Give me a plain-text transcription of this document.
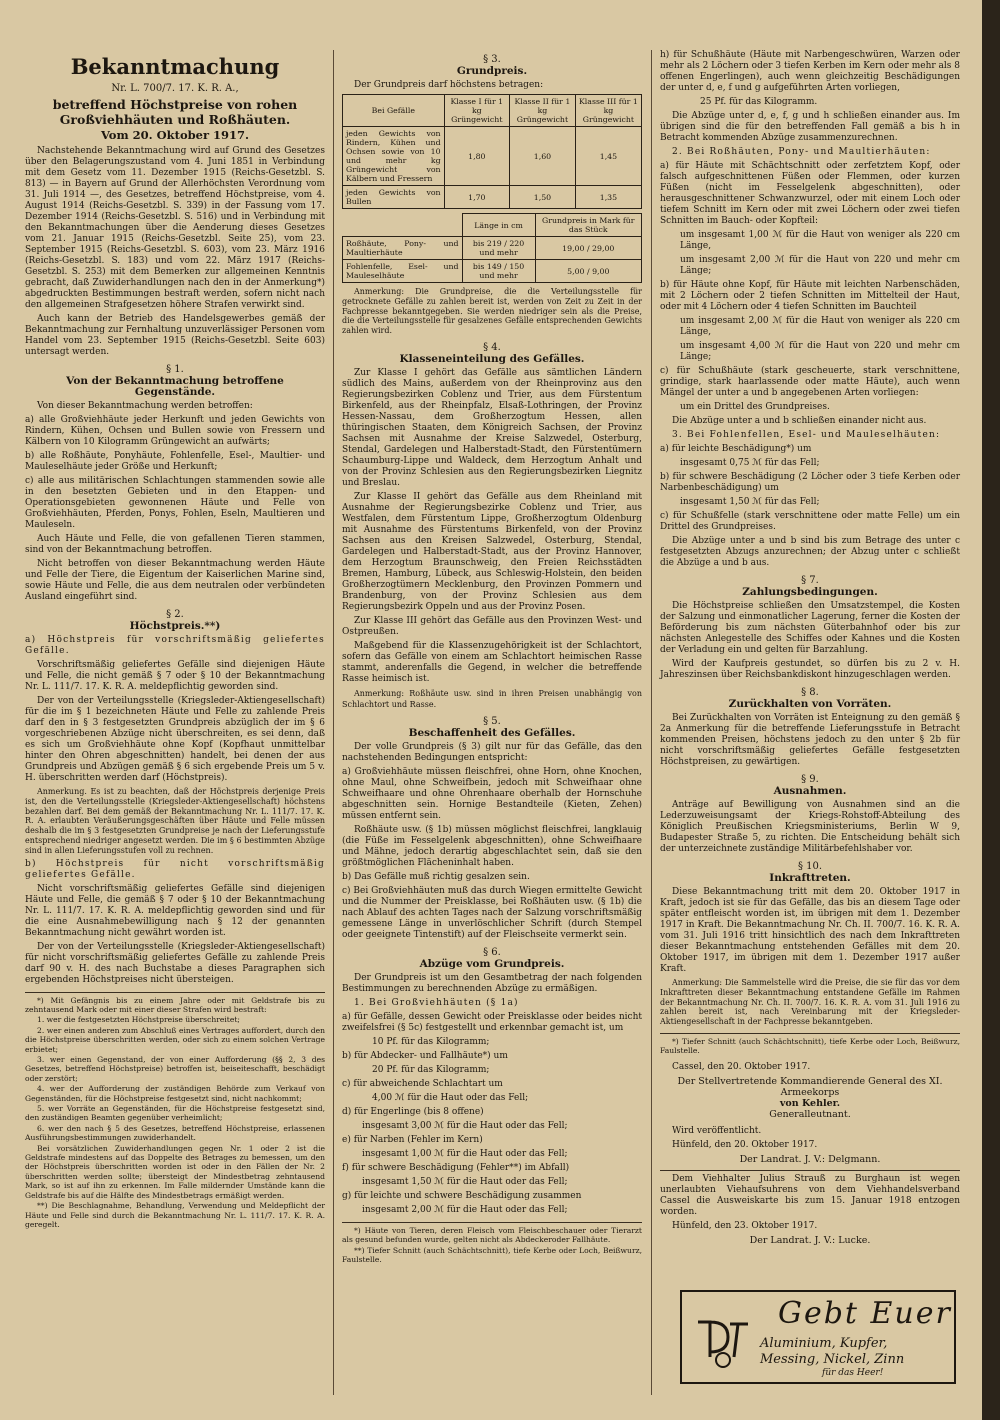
Bekanntmachung
Nr. L. 700/7. 17. K. R. A.,
betreffend Höchstpreise von rohen Großviehhäuten und Roßhäuten.
Vom 20. Oktober 1917.

Nachstehende Bekanntmachung wird auf Grund des Gesetzes über den Belagerungszustand vom 4. Juni 1851 in Verbindung mit dem Gesetz vom 11. Dezember 1915 (Reichs-Gesetzbl. S. 813) — in Bayern auf Grund der Allerhöchsten Verordnung vom 31. Juli 1914 —, des Gesetzes, betreffend Höchstpreise, vom 4. August 1914 (Reichs-Gesetzbl. S. 339) in der Fassung vom 17. Dezember 1914 (Reichs-Gesetzbl. S. 516) und in Verbindung mit den Bekanntmachungen über die Aenderung dieses Gesetzes vom 21. Januar 1915 (Reichs-Gesetzbl. Seite 25), vom 23. September 1915 (Reichs-Gesetzbl. S. 603), vom 23. März 1916 (Reichs-Gesetzbl. S. 183) und vom 22. März 1917 (Reichs-Gesetzbl. S. 253) mit dem Bemerken zur allgemeinen Kenntnis gebracht, daß Zuwiderhandlungen nach den in der Anmerkung*) abgedruckten Bestimmungen bestraft werden, sofern nicht nach den allgemeinen Strafgesetzen höhere Strafen verwirkt sind.

Auch kann der Betrieb des Handelsgewerbes gemäß der Bekanntmachung zur Fernhaltung unzuverlässiger Personen vom Handel vom 23. September 1915 (Reichs-Gesetzbl. Seite 603) untersagt werden.

§ 1.
Von der Bekanntmachung betroffene Gegenstände.

Von dieser Bekanntmachung werden betroffen:

a) alle Großviehhäute jeder Herkunft und jeden Gewichts von Rindern, Kühen, Ochsen und Bullen sowie von Fressern und Kälbern von 10 Kilogramm Grüngewicht an aufwärts;

b) alle Roßhäute, Ponyhäute, Fohlenfelle, Esel-, Maultier- und Mauleselhäute jeder Größe und Herkunft;

c) alle aus militärischen Schlachtungen stammenden sowie alle in den besetzten Gebieten und in den Etappen- und Operationsgebieten gewonnenen Häute und Felle von Großviehhäuten, Pferden, Ponys, Fohlen, Eseln, Maultieren und Mauleseln.

Auch Häute und Felle, die von gefallenen Tieren stammen, sind von der Bekanntmachung betroffen.

Nicht betroffen von dieser Bekanntmachung werden Häute und Felle der Tiere, die Eigentum der Kaiserlichen Marine sind, sowie Häute und Felle, die aus dem neutralen oder verbündeten Ausland eingeführt sind.

§ 2.
Höchstpreis.**)

a) Höchstpreis für vorschriftsmäßig geliefertes Gefälle.

Vorschriftsmäßig geliefertes Gefälle sind diejenigen Häute und Felle, die nicht gemäß § 7 oder § 10 der Bekanntmachung Nr. L. 111/7. 17. K. R. A. meldepflichtig geworden sind.

Der von der Verteilungsstelle (Kriegsleder-Aktiengesellschaft) für die im § 1 bezeichneten Häute und Felle zu zahlende Preis darf den in § 3 festgesetzten Grundpreis abzüglich der im § 6 vorgeschriebenen Abzüge nicht überschreiten, es sei denn, daß es sich um Großviehhäute ohne Kopf (Kopfhaut unmittelbar hinter den Ohren abgeschnitten) handelt, bei denen der aus Grundpreis und Abzügen gemäß § 6 sich ergebende Preis um 5 v. H. überschritten werden darf (Höchstpreis).

Anmerkung. Es ist zu beachten, daß der Höchstpreis derjenige Preis ist, den die Verteilungsstelle (Kriegsleder-Aktiengesellschaft) höchstens bezahlen darf. Bei dem gemäß der Bekanntmachung Nr. L. 111/7. 17. K. R. A. erlaubten Veräußerungsgeschäften über Häute und Felle müssen deshalb die im § 3 festgesetzten Grundpreise je nach der Lieferungsstufe entsprechend niedriger angesetzt werden. Die im § 6 bestimmten Abzüge sind in allen Lieferungsstufen voll zu rechnen.

b) Höchstpreis für nicht vorschriftsmäßig geliefertes Gefälle.

Nicht vorschriftsmäßig geliefertes Gefälle sind diejenigen Häute und Felle, die gemäß § 7 oder § 10 der Bekanntmachung Nr. L. 111/7. 17. K. R. A. meldepflichtig geworden sind und für die eine Ausnahmebewilligung nach § 12 der genannten Bekanntmachung nicht gewährt worden ist.

Der von der Verteilungsstelle (Kriegsleder-Aktiengesellschaft) für nicht vorschriftsmäßig geliefertes Gefälle zu zahlende Preis darf 90 v. H. des nach Buchstabe a dieses Paragraphen sich ergebenden Höchstpreises nicht übersteigen.

*) Mit Gefängnis bis zu einem Jahre oder mit Geldstrafe bis zu zehntausend Mark oder mit einer dieser Strafen wird bestraft:

1. wer die festgesetzten Höchstpreise überschreitet;

2. wer einen anderen zum Abschluß eines Vertrages auffordert, durch den die Höchstpreise überschritten werden, oder sich zu einem solchen Vertrage erbietet;

3. wer einen Gegenstand, der von einer Aufforderung (§§ 2, 3 des Gesetzes, betreffend Höchstpreise) betroffen ist, beiseiteschafft, beschädigt oder zerstört;

4. wer der Aufforderung der zuständigen Behörde zum Verkauf von Gegenständen, für die Höchstpreise festgesetzt sind, nicht nachkommt;

5. wer Vorräte an Gegenständen, für die Höchstpreise festgesetzt sind, den zuständigen Beamten gegenüber verheimlicht;

6. wer den nach § 5 des Gesetzes, betreffend Höchstpreise, erlassenen Ausführungsbestimmungen zuwiderhandelt.

Bei vorsätzlichen Zuwiderhandlungen gegen Nr. 1 oder 2 ist die Geldstrafe mindestens auf das Doppelte des Betrages zu bemessen, um den der Höchstpreis überschritten worden ist oder in den Fällen der Nr. 2 überschritten werden sollte; übersteigt der Mindestbetrag zehntausend Mark, so ist auf ihn zu erkennen. Im Falle mildernder Umstände kann die Geldstrafe bis auf die Hälfte des Mindestbetrags ermäßigt werden.

**) Die Beschlagnahme, Behandlung, Verwendung und Meldepflicht der Häute und Felle sind durch die Bekanntmachung Nr. L. 111/7. 17. K. R. A. geregelt.

§ 3.
Grundpreis.

Der Grundpreis darf höchstens betragen:

Bei Gefälle	Klasse I für 1 kg Grüngewicht	Klasse II für 1 kg Grüngewicht	Klasse III für 1 kg Grüngewicht
jeden Gewichts von Rindern, Kühen und Ochsen sowie von 10 und mehr kg Grüngewicht von Kälbern und Fressern	1,80	1,60	1,45
jeden Gewichts von Bullen	1,70	1,50	1,35
	Länge in cm	Grundpreis in Mark für das Stück
Roßhäute, Pony- und Maultierhäute	bis 219 / 220 und mehr	19,00 / 29,00
Fohlenfelle, Esel- und Mauleselhäute	bis 149 / 150 und mehr	5,00 / 9,00

Anmerkung: Die Grundpreise, die die Verteilungsstelle für getrocknete Gefälle zu zahlen bereit ist, werden von Zeit zu Zeit in der Fachpresse bekanntgegeben. Sie werden niedriger sein als die Preise, die die Verteilungsstelle für gesalzenes Gefälle entsprechenden Gewichts zahlen wird.

§ 4.
Klasseneinteilung des Gefälles.

Zur Klasse I gehört das Gefälle aus sämtlichen Ländern südlich des Mains, außerdem von der Rheinprovinz aus den Regierungsbezirken Coblenz und Trier, aus dem Fürstentum Birkenfeld, aus der Rheinpfalz, Elsaß-Lothringen, der Provinz Hessen-Nassau, dem Großherzogtum Hessen, allen thüringischen Staaten, dem Königreich Sachsen, der Provinz Sachsen mit Ausnahme der Kreise Salzwedel, Osterburg, Stendal, Gardelegen und Halberstadt-Stadt, den Fürstentümern Schaumburg-Lippe und Waldeck, dem Herzogtum Anhalt und von der Provinz Schlesien aus den Regierungsbezirken Liegnitz und Breslau.

Zur Klasse II gehört das Gefälle aus dem Rheinland mit Ausnahme der Regierungsbezirke Coblenz und Trier, aus Westfalen, dem Fürstentum Lippe, Großherzogtum Oldenburg mit Ausnahme des Fürstentums Birkenfeld, von der Provinz Sachsen aus den Kreisen Salzwedel, Osterburg, Stendal, Gardelegen und Halberstadt-Stadt, aus der Provinz Hannover, dem Herzogtum Braunschweig, den Freien Reichsstädten Bremen, Hamburg, Lübeck, aus Schleswig-Holstein, den beiden Großherzogtümern Mecklenburg, den Provinzen Pommern und Brandenburg, von der Provinz Schlesien aus dem Regierungsbezirk Oppeln und aus der Provinz Posen.

Zur Klasse III gehört das Gefälle aus den Provinzen West- und Ostpreußen.

Maßgebend für die Klassenzugehörigkeit ist der Schlachtort, sofern das Gefälle von einem am Schlachtort heimischen Rasse stammt, anderenfalls die Gegend, in welcher die betreffende Rasse heimisch ist.

Anmerkung: Roßhäute usw. sind in ihren Preisen unabhängig von Schlachtort und Rasse.

§ 5.
Beschaffenheit des Gefälles.

Der volle Grundpreis (§ 3) gilt nur für das Gefälle, das den nachstehenden Bedingungen entspricht:

a) Großviehhäute müssen fleischfrei, ohne Horn, ohne Knochen, ohne Maul, ohne Schweifbein, jedoch mit Schweifhaar ohne Schweifhaare und ohne Ohrenhaare oberhalb der Hornschuhe abgeschnitten sein. Hornige Bestandteile (Kieten, Zehen) müssen entfernt sein.

Roßhäute usw. (§ 1b) müssen möglichst fleischfrei, langklauig (die Füße im Fesselgelenk abgeschnitten), ohne Schweifhaare und Mähne, jedoch derartig abgeschlachtet sein, daß sie den größtmöglichen Flächeninhalt haben.

b) Das Gefälle muß richtig gesalzen sein.

c) Bei Großviehhäuten muß das durch Wiegen ermittelte Gewicht und die Nummer der Preisklasse, bei Roßhäuten usw. (§ 1b) die nach Ablauf des achten Tages nach der Salzung vorschriftsmäßig gemessene Länge in unverlöschlicher Schrift (durch Stempel oder geeignete Tintenstift) auf der Fleischseite vermerkt sein.

§ 6.
Abzüge vom Grundpreis.

Der Grundpreis ist um den Gesamtbetrag der nach folgenden Bestimmungen zu berechnenden Abzüge zu ermäßigen.

1. Bei Großviehhäuten (§ 1a)

a) für Gefälle, dessen Gewicht oder Preisklasse oder beides nicht zweifelsfrei (§ 5c) festgestellt und erkennbar gemacht ist, um

10 Pf. für das Kilogramm;

b) für Abdecker- und Fallhäute*) um

20 Pf. für das Kilogramm;

c) für abweichende Schlachtart um

4,00 ℳ für die Haut oder das Fell;

d) für Engerlinge (bis 8 offene)

insgesamt 3,00 ℳ für die Haut oder das Fell;

e) für Narben (Fehler im Kern)

insgesamt 1,00 ℳ für die Haut oder das Fell;

f) für schwere Beschädigung (Fehler**) im Abfall)

insgesamt 1,50 ℳ für die Haut oder das Fell;

g) für leichte und schwere Beschädigung zusammen

insgesamt 2,00 ℳ für die Haut oder das Fell;

*) Häute von Tieren, deren Fleisch vom Fleischbeschauer oder Tierarzt als gesund befunden wurde, gelten nicht als Abdeckeroder Fallhäute.

**) Tiefer Schnitt (auch Schächtschnitt), tiefe Kerbe oder Loch, Beißwurz, Faulstelle.

h) für Schußhäute (Häute mit Narbengeschwüren, Warzen oder mehr als 2 Löchern oder 3 tiefen Kerben im Kern oder mehr als 8 offenen Engerlingen), auch wenn gleichzeitig Beschädigungen der unter d, e, f und g aufgeführten Arten vorliegen,

25 Pf. für das Kilogramm.

Die Abzüge unter d, e, f, g und h schließen einander aus. Im übrigen sind die für den betreffenden Fall gemäß a bis h in Betracht kommenden Abzüge zusammenzurechnen.

2. Bei Roßhäuten, Pony- und Maultierhäuten:

a) für Häute mit Schächtschnitt oder zerfetztem Kopf, oder falsch aufgeschnittenen Füßen oder Flemmen, oder kurzen Füßen (nicht im Fesselgelenk abgeschnitten), oder herausgeschnittener Schwanzwurzel, oder mit einem Loch oder tiefem Schnitt im Kern oder mit zwei Löchern oder zwei tiefen Schnitten im Bauch- oder Kopfteil:

um insgesamt 1,00 ℳ für die Haut von weniger als 220 cm Länge,

um insgesamt 2,00 ℳ für die Haut von 220 und mehr cm Länge;

b) für Häute ohne Kopf, für Häute mit leichten Narbenschäden, mit 2 Löchern oder 2 tiefen Schnitten im Mittelteil der Haut, oder mit 4 Löchern oder 4 tiefen Schnitten im Bauchteil

um insgesamt 2,00 ℳ für die Haut von weniger als 220 cm Länge,

um insgesamt 4,00 ℳ für die Haut von 220 und mehr cm Länge;

c) für Schußhäute (stark gescheuerte, stark verschnittene, grindige, stark haarlassende oder matte Häute), auch wenn Mängel der unter a und b angegebenen Arten vorliegen:

um ein Drittel des Grundpreises.

Die Abzüge unter a und b schließen einander nicht aus.

3. Bei Fohlenfellen, Esel- und Mauleselhäuten:

a) für leichte Beschädigung*) um

insgesamt 0,75 ℳ für das Fell;

b) für schwere Beschädigung (2 Löcher oder 3 tiefe Kerben oder Narbenbeschädigung) um

insgesamt 1,50 ℳ für das Fell;

c) für Schußfelle (stark verschnittene oder matte Felle) um ein Drittel des Grundpreises.

Die Abzüge unter a und b sind bis zum Betrage des unter c festgesetzten Abzugs anzurechnen; der Abzug unter c schließt die Abzüge a und b aus.

§ 7.
Zahlungsbedingungen.

Die Höchstpreise schließen den Umsatzstempel, die Kosten der Salzung und einmonatlicher Lagerung, ferner die Kosten der Beförderung bis zum nächsten Güterbahnhof oder bis zur nächsten Anlegestelle des Schiffes oder Kahnes und die Kosten der Verladung ein und gelten für Barzahlung.

Wird der Kaufpreis gestundet, so dürfen bis zu 2 v. H. Jahreszinsen über Reichsbankdiskont hinzugeschlagen werden.

§ 8.
Zurückhalten von Vorräten.

Bei Zurückhalten von Vorräten ist Enteignung zu den gemäß § 2a Anmerkung für die betreffende Lieferungsstufe in Betracht kommenden Preisen, höchstens jedoch zu den unter § 2b für nicht vorschriftsmäßig geliefertes Gefälle festgesetzten Höchstpreisen, zu gewärtigen.

§ 9.
Ausnahmen.

Anträge auf Bewilligung von Ausnahmen sind an die Lederzuweisungsamt der Kriegs-Rohstoff-Abteilung des Königlich Preußischen Kriegsministeriums, Berlin W 9, Budapester Straße 5, zu richten. Die Entscheidung behält sich der unterzeichnete zuständige Militärbefehlshaber vor.

§ 10.
Inkrafttreten.

Diese Bekanntmachung tritt mit dem 20. Oktober 1917 in Kraft, jedoch ist sie für das Gefälle, das bis an diesem Tage oder später entfleischt worden ist, im übrigen mit dem 1. Dezember 1917 in Kraft. Die Bekanntmachung Nr. Ch. II. 700/7. 16. K. R. A. vom 31. Juli 1916 tritt hinsichtlich des nach dem Inkrafttreten dieser Bekanntmachung entstehenden Gefälles mit dem 20. Oktober 1917, im übrigen mit dem 1. Dezember 1917 außer Kraft.

Anmerkung: Die Sammelstelle wird die Preise, die sie für das vor dem Inkrafttreten dieser Bekanntmachung entstandene Gefälle im Rahmen der Bekanntmachung Nr. Ch. II. 700/7. 16. K. R. A. vom 31. Juli 1916 zu zahlen bereit ist, nach Vereinbarung mit der Kriegsleder-Aktiengesellschaft in der Fachpresse bekanntgeben.

*) Tiefer Schnitt (auch Schächtschnitt), tiefe Kerbe oder Loch, Beißwurz, Faulstelle.

Cassel, den 20. Oktober 1917.

Der Stellvertretende Kommandierende General des XI. Armeekorps
von Kehler.
Generalleutnant.

Wird veröffentlicht.

Hünfeld, den 20. Oktober 1917.

Der Landrat. J. V.: Delgmann.

Dem Viehhalter Julius Strauß zu Burghaun ist wegen unerlaubten Viehaufsuhrens von dem Viehhandelsverband Cassel die Ausweiskarte bis zum 15. Januar 1918 entzogen worden.

Hünfeld, den 23. Oktober 1917.

Der Landrat. J. V.: Lucke.
Gebt Euer
Aluminium, Kupfer,
Messing, Nickel, Zinn
für das Heer!
